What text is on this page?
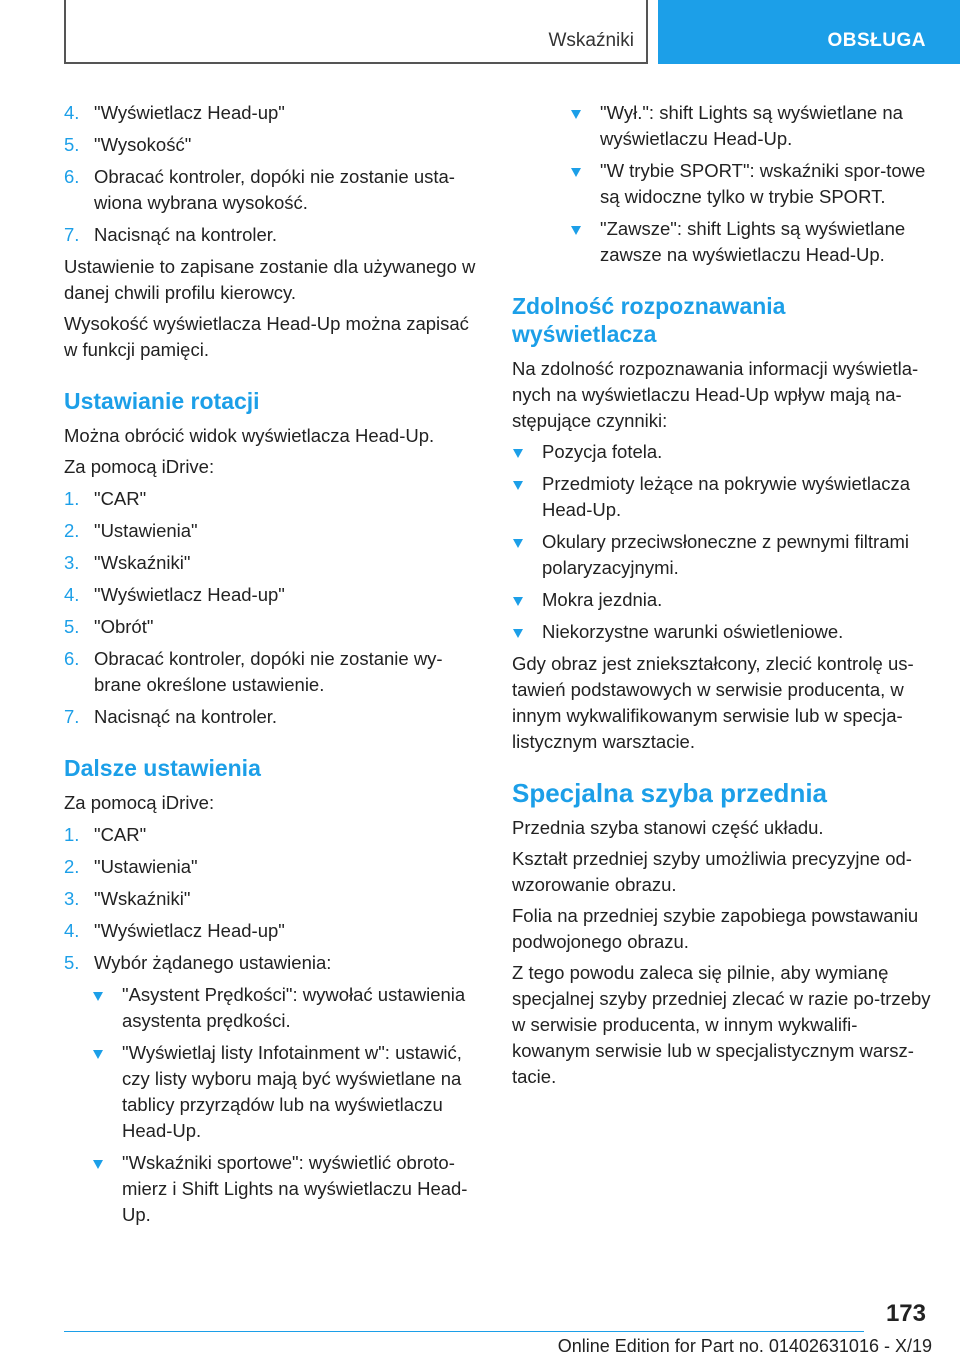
Wskaźniki	OBSŁUGA
4. "Wyświetlacz Head-up"
5. "Wysokość"
6. Obracać kontroler, dopóki nie zostanie usta-wiona wybrana wysokość.
7. Nacisnąć na kontroler.

Ustawienie to zapisane zostanie dla używanego w danej chwili profilu kierowcy.

Wysokość wyświetlacza Head-Up można zapisać w funkcji pamięci.

Ustawianie rotacji

Można obrócić widok wyświetlacza Head-Up.

Za pomocą iDrive:

1. "CAR"
2. "Ustawienia"
3. "Wskaźniki"
4. "Wyświetlacz Head-up"
5. "Obrót"
6. Obracać kontroler, dopóki nie zostanie wy-brane określone ustawienie.
7. Nacisnąć na kontroler.
Dalsze ustawienia

Za pomocą iDrive:

1. "CAR"
2. "Ustawienia"
3. "Wskaźniki"
4. "Wyświetlacz Head-up"
5. Wybór żądanego ustawienia:
"Asystent Prędkości": wywołać ustawienia asystenta prędkości.
"Wyświetlaj listy Infotainment w": ustawić, czy listy wyboru mają być wyświetlane na tablicy przyrządów lub na wyświetlaczu Head-Up.
"Wskaźniki sportowe": wyświetlić obroto-mierz i Shift Lights na wyświetlaczu Head-Up.
"Wył.": shift Lights są wyświetlane na wyświetlaczu Head-Up.
"W trybie SPORT": wskaźniki spor-towe są widoczne tylko w trybie SPORT.
"Zawsze": shift Lights są wyświetlane zawsze na wyświetlaczu Head-Up.
Zdolność rozpoznawania wyświetlacza

Na zdolność rozpoznawania informacji wyświetla-nych na wyświetlaczu Head-Up wpływ mają na-stępujące czynniki:

Pozycja fotela.
Przedmioty leżące na pokrywie wyświetlacza Head-Up.
Okulary przeciwsłoneczne z pewnymi filtrami polaryzacyjnymi.
Mokra jezdnia.
Niekorzystne warunki oświetleniowe.

Gdy obraz jest zniekształcony, zlecić kontrolę us-tawień podstawowych w serwisie producenta, w innym wykwalifikowanym serwisie lub w specja-listycznym warsztacie.

Specjalna szyba przednia

Przednia szyba stanowi część układu.

Kształt przedniej szyby umożliwia precyzyjne od-wzorowanie obrazu.

Folia na przedniej szybie zapobiega powstawaniu podwojonego obrazu.

Z tego powodu zaleca się pilnie, aby wymianę specjalnej szyby przedniej zlecać w razie po-trzeby w serwisie producenta, w innym wykwalifi-kowanym serwisie lub w specjalistycznym warsz-tacie.

173
Online Edition for Part no. 01402631016 - X/19
